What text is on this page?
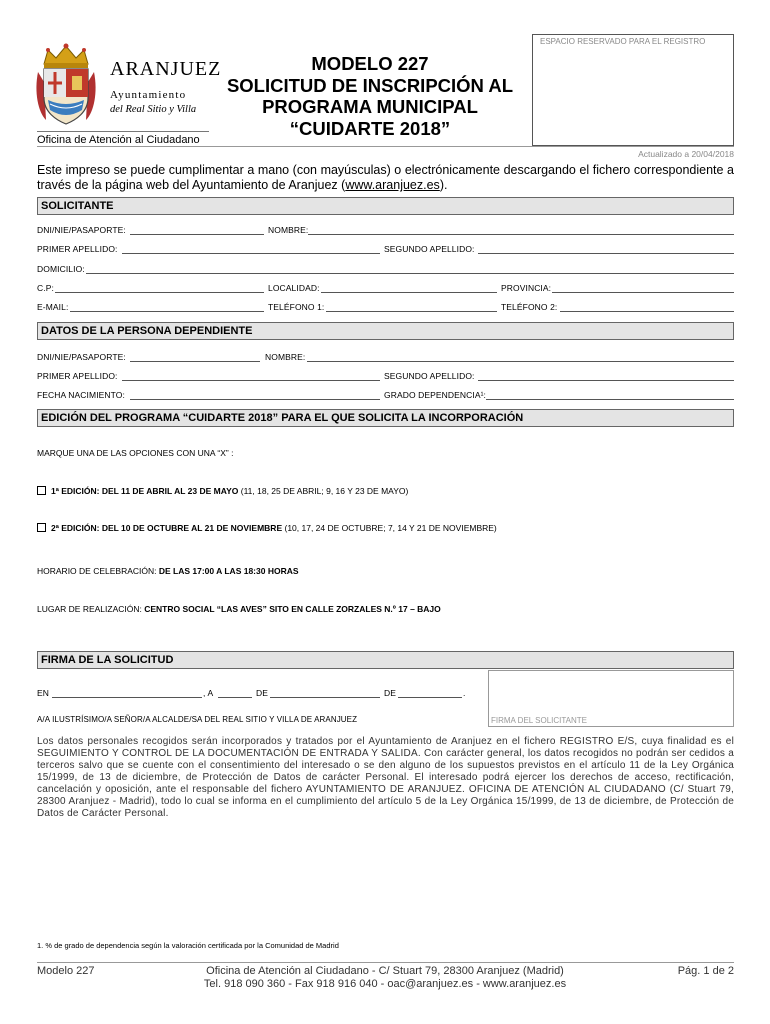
ARANJUEZ
Ayuntamiento
del Real Sitio y Villa
Oficina de Atención al Ciudadano
MODELO 227
SOLICITUD DE INSCRIPCIÓN AL
PROGRAMA MUNICIPAL
“CUIDARTE 2018”
ESPACIO RESERVADO PARA EL REGISTRO
Actualizado a 20/04/2018
Este impreso se puede cumplimentar a mano (con mayúsculas) o electrónicamente descargando el fichero correspondiente a través de la página web del Ayuntamiento de Aranjuez (www.aranjuez.es).
SOLICITANTE
DNI/NIE/PASAPORTE:	NOMBRE:
PRIMER APELLIDO:	SEGUNDO APELLIDO:
DOMICILIO:
C.P:	LOCALIDAD:	PROVINCIA:
E-MAIL:	TELÉFONO 1:	TELÉFONO 2:
DATOS DE LA PERSONA DEPENDIENTE
DNI/NIE/PASAPORTE:	NOMBRE:
PRIMER APELLIDO:	SEGUNDO APELLIDO:
FECHA NACIMIENTO:	GRADO DEPENDENCIA¹:
EDICIÓN DEL PROGRAMA “CUIDARTE 2018” PARA EL QUE SOLICITA LA INCORPORACIÓN
MARQUE UNA DE LAS OPCIONES CON UNA “X” :
1ª EDICIÓN: DEL 11 DE ABRIL AL 23 DE MAYO (11, 18, 25 DE ABRIL; 9, 16 Y 23 DE MAYO)
2ª EDICIÓN: DEL 10 DE OCTUBRE AL 21 DE NOVIEMBRE (10, 17, 24 DE OCTUBRE; 7, 14 Y 21 DE NOVIEMBRE)
HORARIO DE CELEBRACIÓN: DE LAS 17:00 A LAS 18:30 HORAS
LUGAR DE REALIZACIÓN: CENTRO SOCIAL “LAS AVES” SITO EN CALLE ZORZALES N.º 17 – BAJO
FIRMA DE LA SOLICITUD
EN	, A	DE	DE	.
A/A ILUSTRÍSIMO/A SEÑOR/A ALCALDE/SA DEL REAL SITIO Y VILLA DE ARANJUEZ	FIRMA DEL SOLICITANTE
Los datos personales recogidos serán incorporados y tratados por el Ayuntamiento de Aranjuez en el fichero REGISTRO E/S, cuya finalidad es el SEGUIMIENTO Y CONTROL DE LA DOCUMENTACIÓN DE ENTRADA Y SALIDA. Con carácter general, los datos recogidos no podrán ser cedidos a terceros salvo que se cuente con el consentimiento del interesado o se den alguno de los supuestos previstos en el artículo 11 de la Ley Orgánica 15/1999, de 13 de diciembre, de Protección de Datos de carácter Personal. El interesado podrá ejercer los derechos de acceso, rectificación, cancelación y oposición, ante el responsable del fichero AYUNTAMIENTO DE ARANJUEZ. OFICINA DE ATENCIÓN AL CIUDADANO (C/ Stuart 79, 28300 Aranjuez - Madrid), todo lo cual se informa en el cumplimiento del artículo 5 de la Ley Orgánica 15/1999, de 13 de diciembre, de Protección de Datos de Carácter Personal.
1. % de grado de dependencia según la valoración certificada por la Comunidad de Madrid
Modelo 227	Oficina de Atención al Ciudadano - C/ Stuart 79, 28300 Aranjuez (Madrid)
Tel. 918 090 360 - Fax 918 916 040 - oac@aranjuez.es - www.aranjuez.es
Pág. 1 de 2
